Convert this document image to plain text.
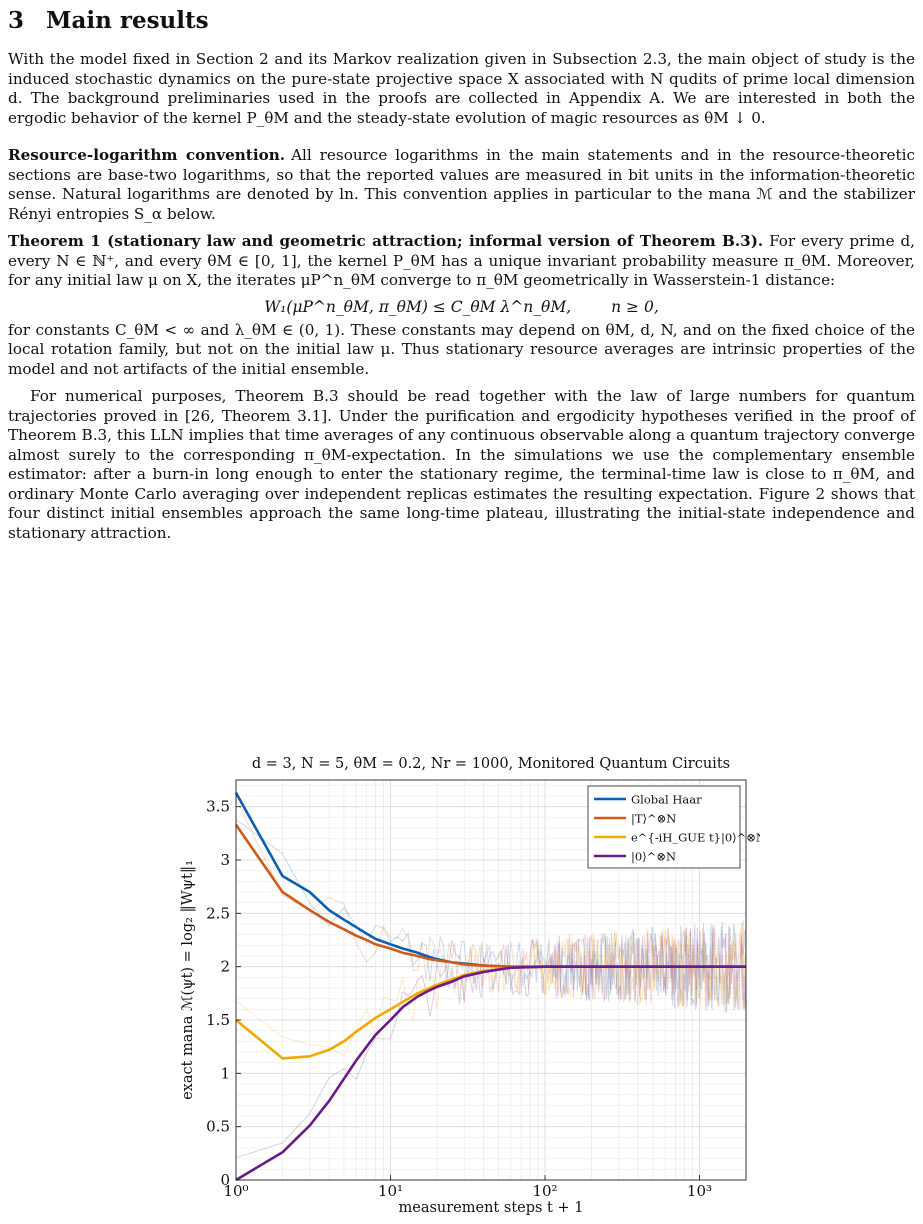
3 Main results

With the model fixed in Section 2 and its Markov realization given in Subsection 2.3, the main object of study is the induced stochastic dynamics on the pure-state projective space X associated with N qudits of prime local dimension d. The background preliminaries used in the proofs are collected in Appendix A. We are interested in both the ergodic behavior of the kernel P_θM and the steady-state evolution of magic resources as θM ↓ 0.

Resource-logarithm convention. All resource logarithms in the main statements and in the resource-theoretic sections are base-two logarithms, so that the reported values are measured in bit units in the information-theoretic sense. Natural logarithms are denoted by ln. This convention applies in particular to the mana ℳ and the stabilizer Rényi entropies S_α below.

Theorem 1 (stationary law and geometric attraction; informal version of Theorem B.3). For every prime d, every N ∈ ℕ⁺, and every θM ∈ [0, 1], the kernel P_θM has a unique invariant probability measure π_θM. Moreover, for any initial law μ on X, the iterates μP^n_θM converge to π_θM geometrically in Wasserstein-1 distance:

W₁(μP^n_θM, π_θM) ≤ C_θM λ^n_θM,	n ≥ 0,

for constants C_θM < ∞ and λ_θM ∈ (0, 1). These constants may depend on θM, d, N, and on the fixed choice of the local rotation family, but not on the initial law μ. Thus stationary resource averages are intrinsic properties of the model and not artifacts of the initial ensemble.

For numerical purposes, Theorem B.3 should be read together with the law of large numbers for quantum trajectories proved in [26, Theorem 3.1]. Under the purification and ergodicity hypotheses verified in the proof of Theorem B.3, this LLN implies that time averages of any continuous observable along a quantum trajectory converge almost surely to the corresponding π_θM-expectation. In the simulations we use the complementary ensemble estimator: after a burn-in long enough to enter the stationary regime, the terminal-time law is close to π_θM, and ordinary Monte Carlo averaging over independent replicas estimates the resulting expectation. Figure 2 shows that four distinct initial ensembles approach the same long-time plateau, illustrating the initial-state independence and stationary attraction.

10⁰	10¹	10²	10³
0
0.5
1
1.5
2
2.5
3
3.5
d = 3, N = 5, θM = 0.2, Nr = 1000, Monitored Quantum Circuits
measurement steps t + 1
exact mana ℳ(ψt) = log₂ ‖Wψt‖₁
Global Haar
|T⟩^⊗N
e^{-iH_GUE t}|0⟩^⊗N
|0⟩^⊗N
